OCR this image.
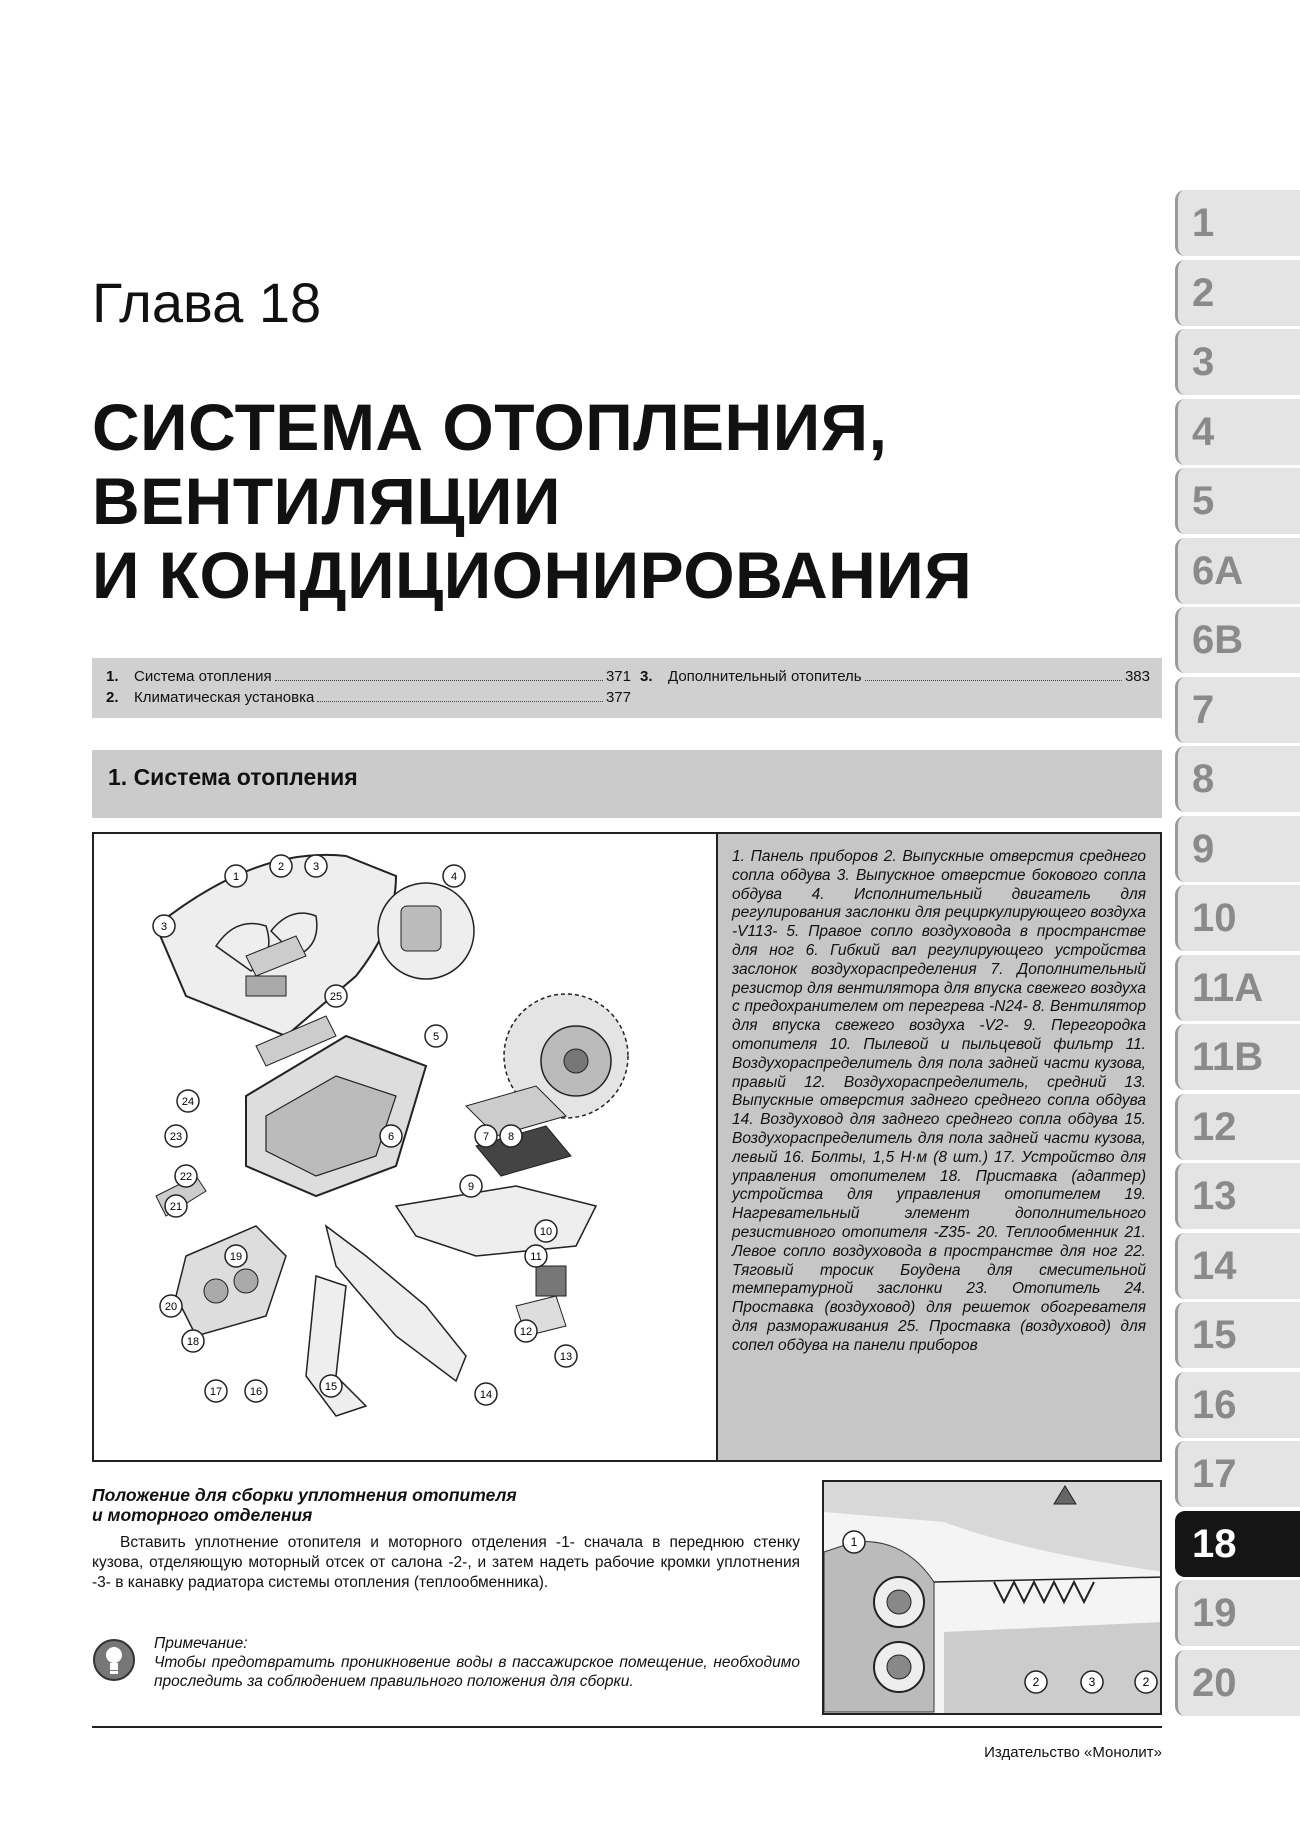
1
2
3
4
5
6A
6B
7
8
9
10
11A
11B
12
13
14
15
16
17
18
19
20
Глава 18
СИСТЕМА ОТОПЛЕНИЯ,
ВЕНТИЛЯЦИИ
И КОНДИЦИОНИРОВАНИЯ
1.	Система отопления	371
2.	Климатическая установка	377
3.	Дополнительный отопитель	383
1. Система отопления
1
2	3
3
4
5
6	7 8
9
10
11
12
13
14
15
16
17
18
19
20
21
22
23
24
25
1. Панель приборов 2. Выпускные отверстия среднего сопла обдува 3. Выпускное отверстие бокового сопла обдува 4. Исполнительный двигатель для регулирования заслонки для рециркулирующего воздуха -V113- 5. Правое сопло воздуховода в пространстве для ног 6. Гибкий вал регулирующего устройства заслонок воздухораспределения 7. Дополнительный резистор для вентилятора для впуска свежего воздуха с предохранителем от перегрева -N24- 8. Вентилятор для впуска свежего воздуха -V2- 9. Перегородка отопителя 10. Пылевой и пыльцевой фильтр 11. Воздухораспределитель для пола задней части кузова, правый 12. Воздухораспределитель, средний 13. Выпускные отверстия заднего среднего сопла обдува 14. Воздуховод для заднего среднего сопла обдува 15. Воздухораспределитель для пола задней части кузова, левый 16. Болты, 1,5 Н·м (8 шт.) 17. Устройство для управления отопителем 18. Приставка (адаптер) устройства для управления отопителем 19. Нагревательный элемент дополнительного резистивного отопителя -Z35- 20. Теплообменник 21. Левое сопло воздуховода в пространстве для ног 22. Тяговый тросик Боудена для смесительной температурной заслонки 23. Отопитель 24. Проставка (воздуховод) для решеток обогревателя для размораживания 25. Проставка (воздуховод) для сопел обдува на панели приборов
Положение для сборки уплотнения отопителя
и моторного отделения
Вставить уплотнение отопителя и моторного отделения -1- сначала в переднюю стенку кузова, отделяющую моторный отсек от салона -2-, и затем надеть рабочие кромки уплотнения -3- в канавку радиатора системы отопления (теплообменника).
Примечание:
Чтобы предотвратить проникновение воды в пассажирское помещение, необходимо проследить за соблюдением правильного положения для сборки.
1
2	3	2
Издательство «Монолит»
